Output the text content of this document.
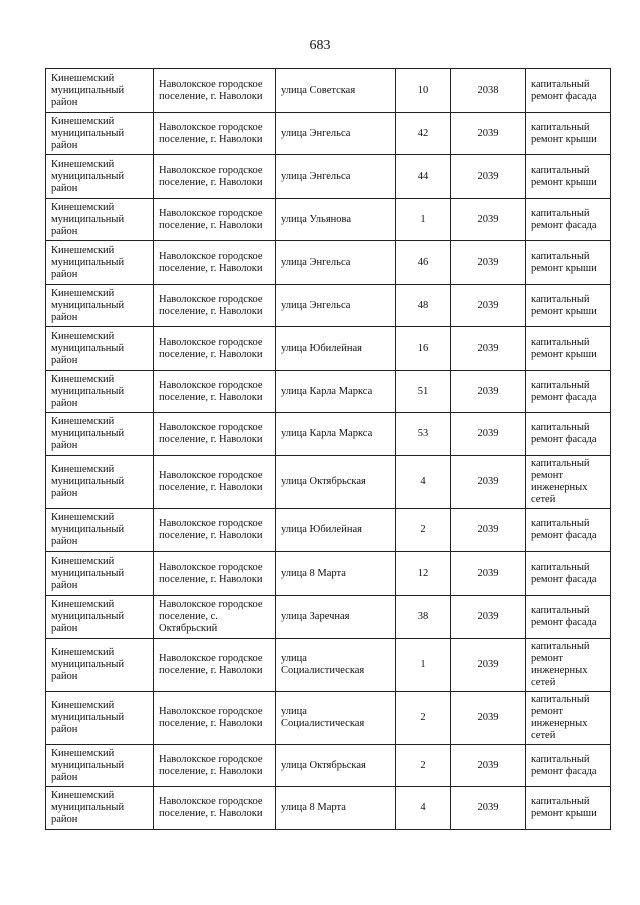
683
Кинешемский муниципальный район	Наволокское городское поселение, г. Наволоки	улица Советская	10	2038	капитальный ремонт фасада
Кинешемский муниципальный район	Наволокское городское поселение, г. Наволоки	улица Энгельса	42	2039	капитальный ремонт крыши
Кинешемский муниципальный район	Наволокское городское поселение, г. Наволоки	улица Энгельса	44	2039	капитальный ремонт крыши
Кинешемский муниципальный район	Наволокское городское поселение, г. Наволоки	улица Ульянова	1	2039	капитальный ремонт фасада
Кинешемский муниципальный район	Наволокское городское поселение, г. Наволоки	улица Энгельса	46	2039	капитальный ремонт крыши
Кинешемский муниципальный район	Наволокское городское поселение, г. Наволоки	улица Энгельса	48	2039	капитальный ремонт крыши
Кинешемский муниципальный район	Наволокское городское поселение, г. Наволоки	улица Юбилейная	16	2039	капитальный ремонт крыши
Кинешемский муниципальный район	Наволокское городское поселение, г. Наволоки	улица Карла Маркса	51	2039	капитальный ремонт фасада
Кинешемский муниципальный район	Наволокское городское поселение, г. Наволоки	улица Карла Маркса	53	2039	капитальный ремонт фасада
Кинешемский муниципальный район	Наволокское городское поселение, г. Наволоки	улица Октябрьская	4	2039	капитальный ремонт инженерных сетей
Кинешемский муниципальный район	Наволокское городское поселение, г. Наволоки	улица Юбилейная	2	2039	капитальный ремонт фасада
Кинешемский муниципальный район	Наволокское городское поселение, г. Наволоки	улица 8 Марта	12	2039	капитальный ремонт фасада
Кинешемский муниципальный район	Наволокское городское поселение, с. Октябрьский	улица Заречная	38	2039	капитальный ремонт фасада
Кинешемский муниципальный район	Наволокское городское поселение, г. Наволоки	улица Социалистическая	1	2039	капитальный ремонт инженерных сетей
Кинешемский муниципальный район	Наволокское городское поселение, г. Наволоки	улица Социалистическая	2	2039	капитальный ремонт инженерных сетей
Кинешемский муниципальный район	Наволокское городское поселение, г. Наволоки	улица Октябрьская	2	2039	капитальный ремонт фасада
Кинешемский муниципальный район	Наволокское городское поселение, г. Наволоки	улица 8 Марта	4	2039	капитальный ремонт крыши
